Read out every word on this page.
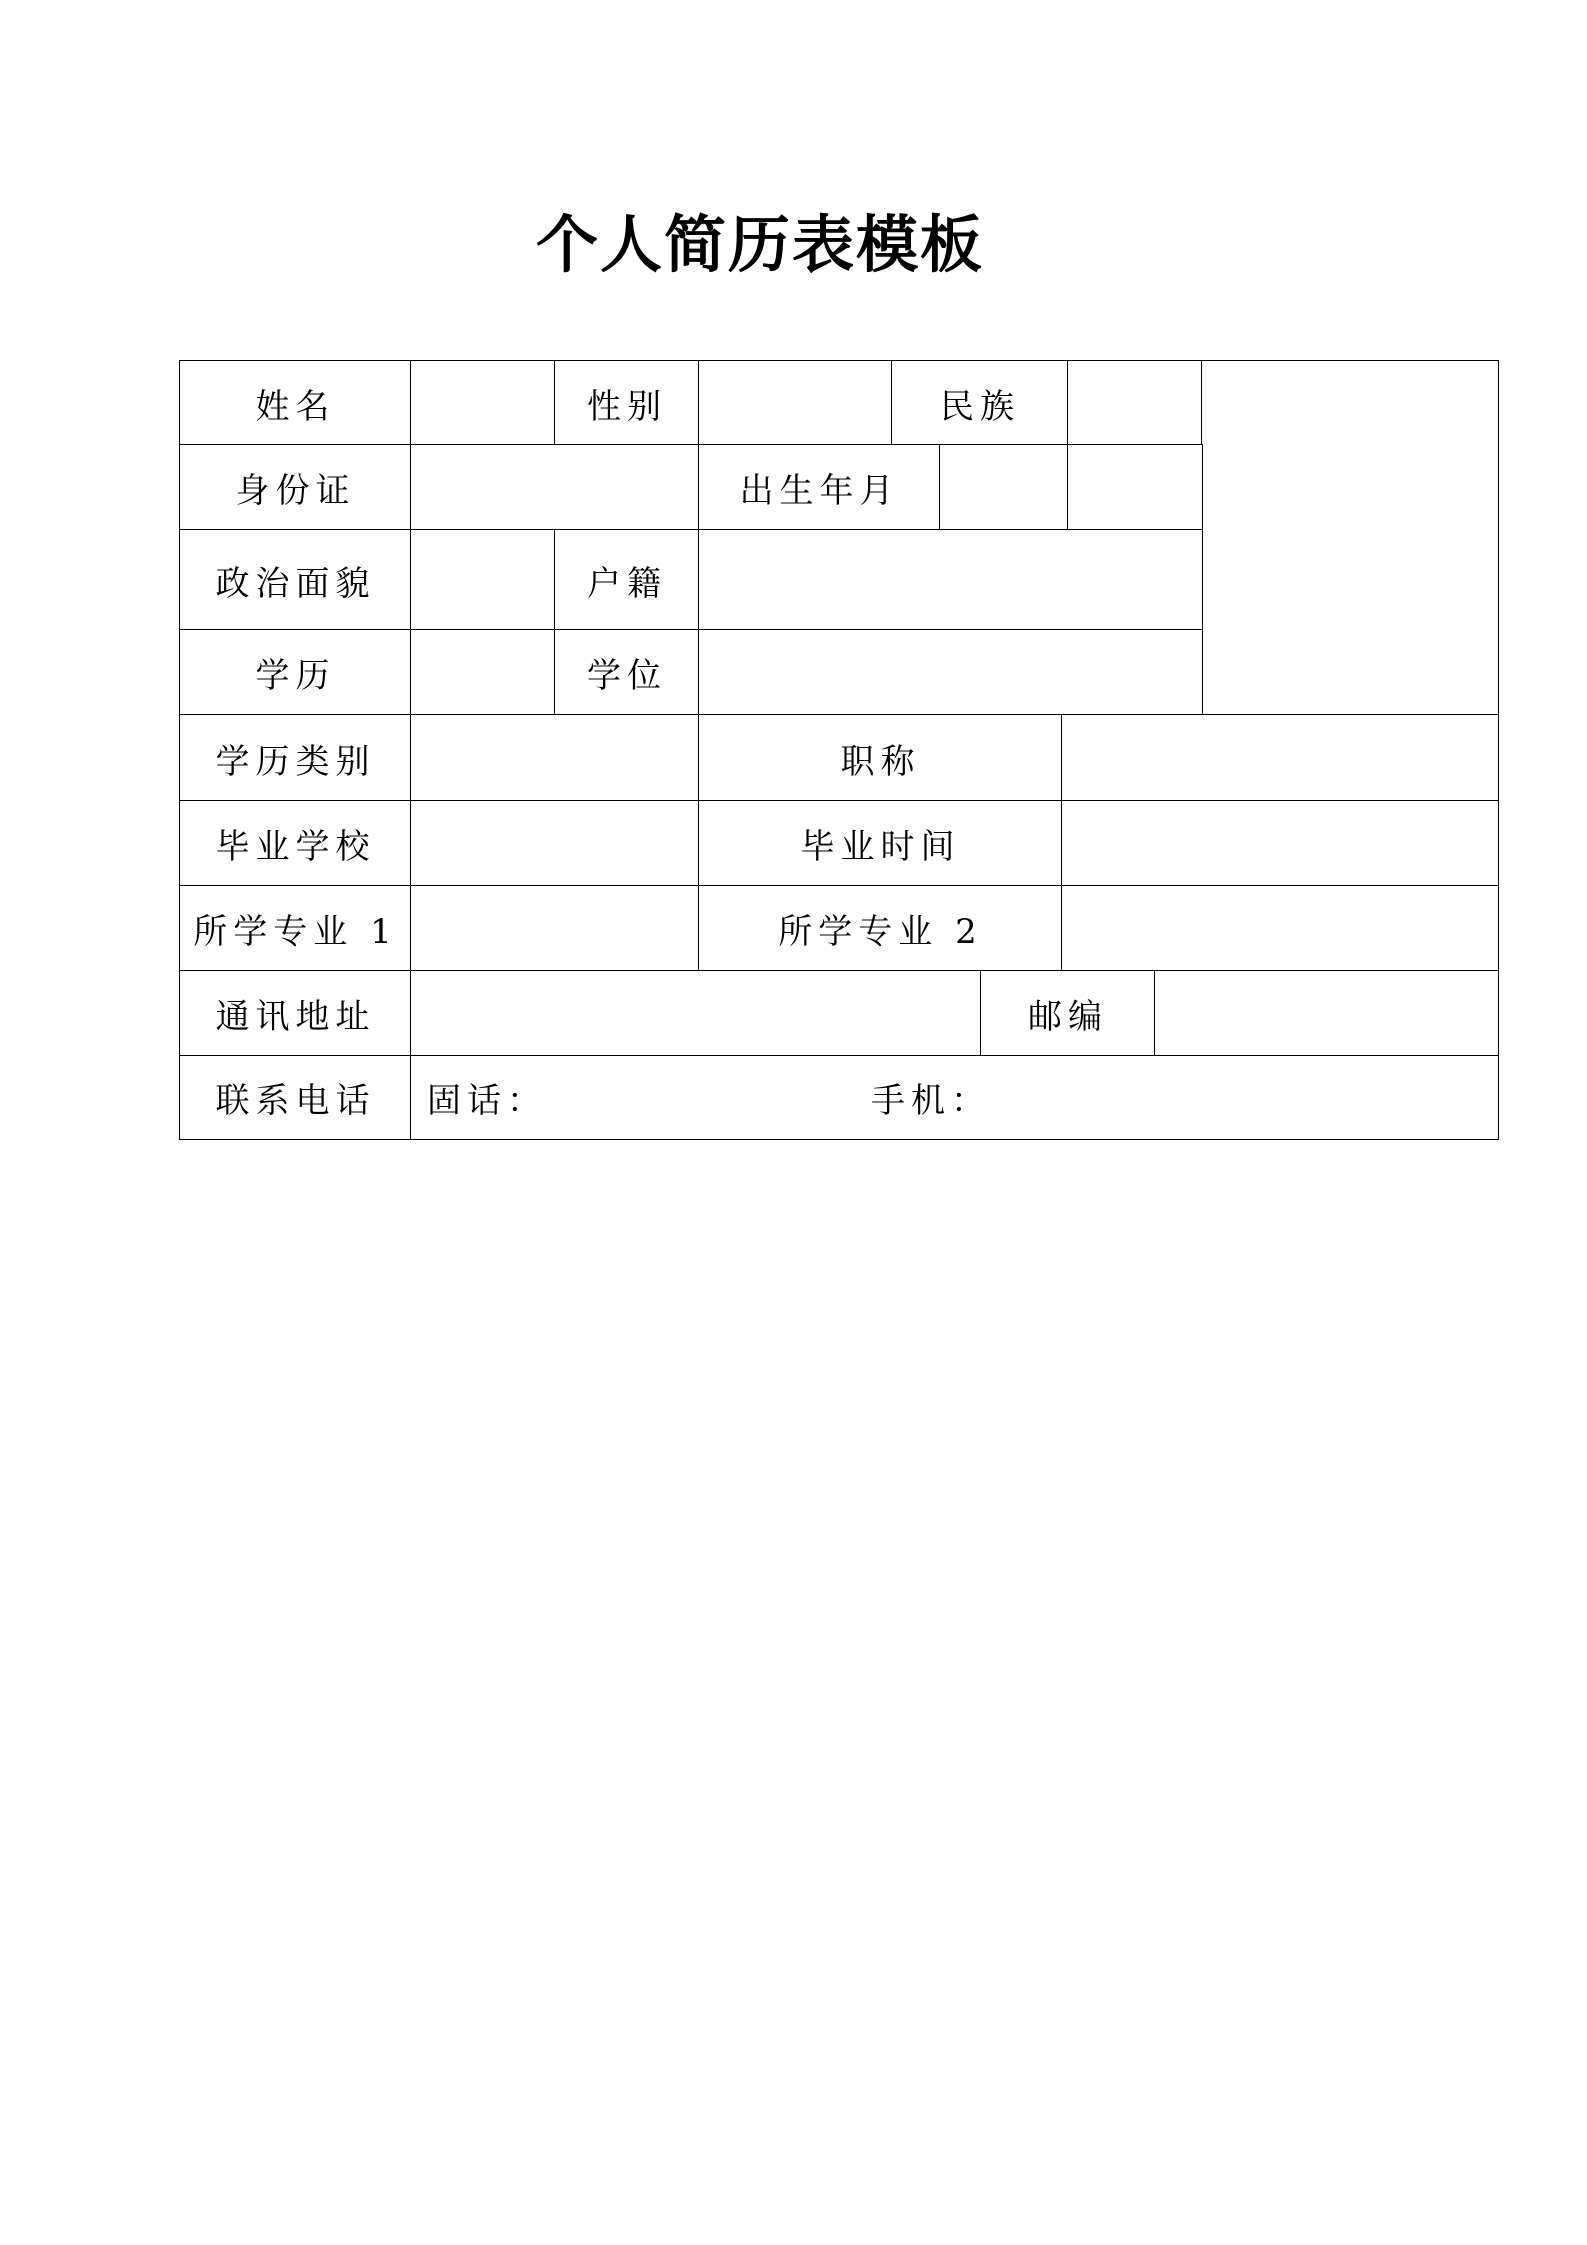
个人简历表模板
姓名	性别	民族
身份证	出生年月
政治面貌	户籍
学历	学位
学历类别	职称
毕业学校	毕业时间
所学专业 1	所学专业 2
通讯地址	邮编
联系电话	固话：	手机：
